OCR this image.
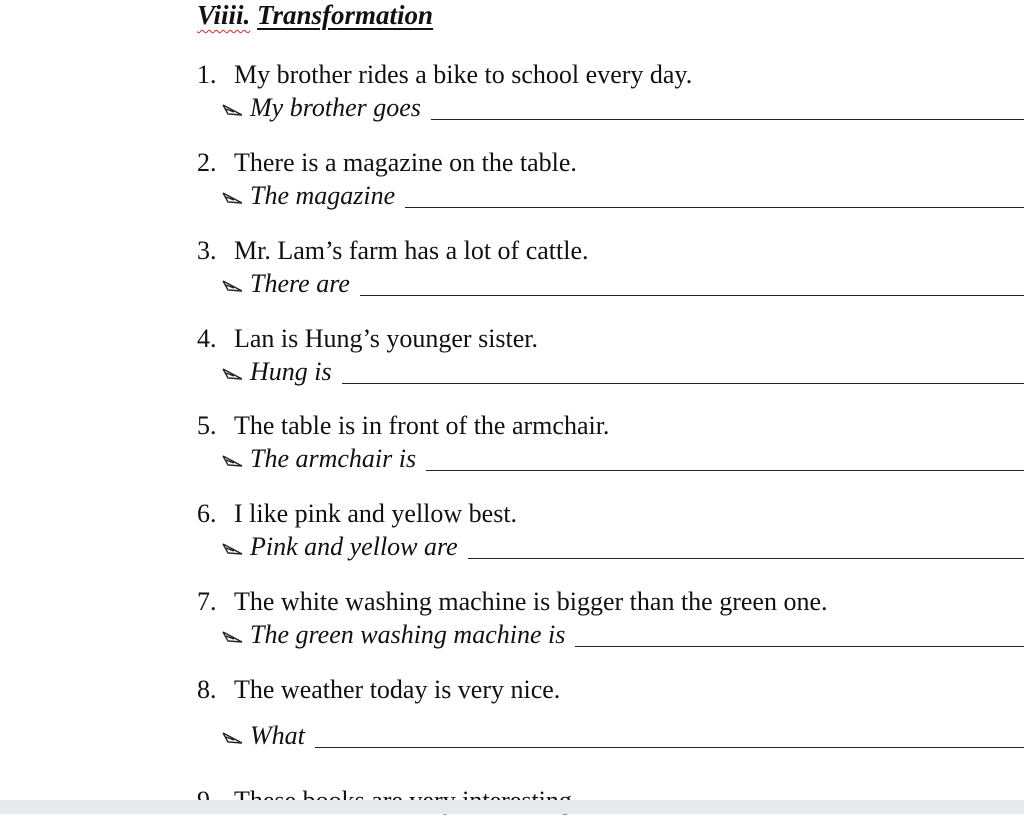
Viiii. Transformation
1. My brother rides a bike to school every day.
My brother goes
2. There is a magazine on the table.
The magazine
3. Mr. Lam’s farm has a lot of cattle.
There are
4. Lan is Hung’s younger sister.
Hung is
5. The table is in front of the armchair.
The armchair is
6. I like pink and yellow best.
Pink and yellow are
7. The white washing machine is bigger than the green one.
The green washing machine is
8. The weather today is very nice.
What
